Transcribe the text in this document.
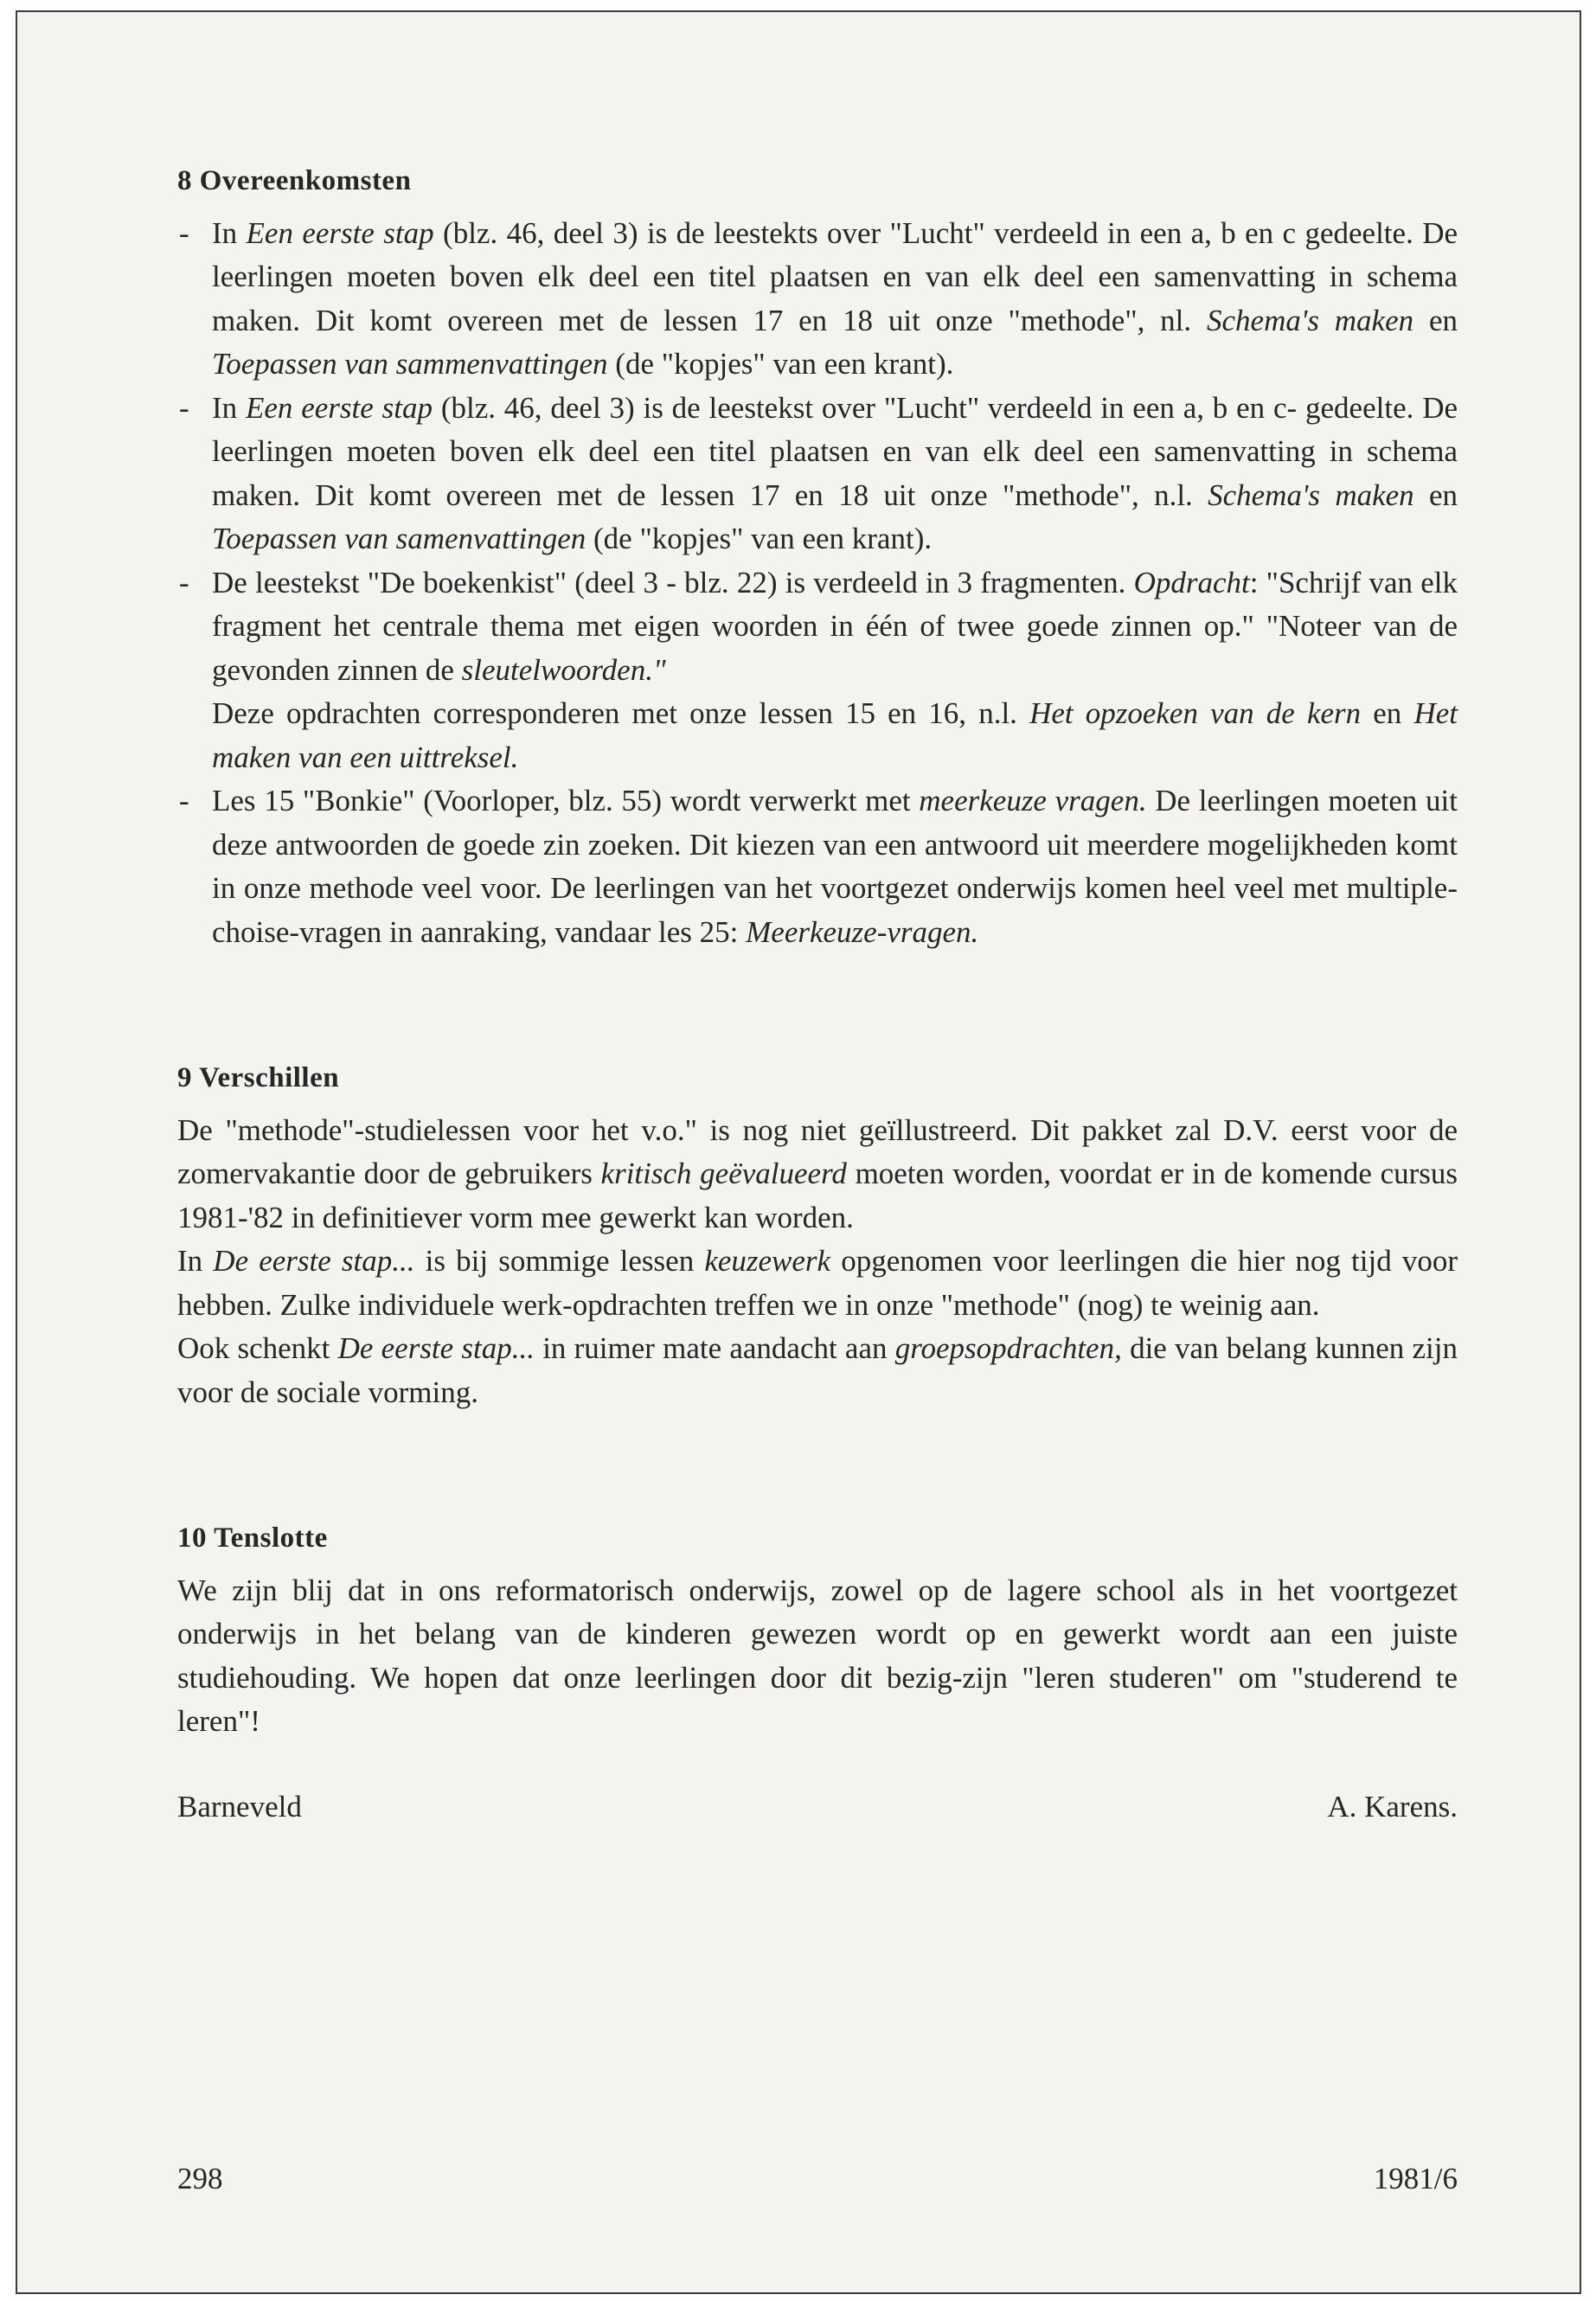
8 Overeenkomsten
- In Een eerste stap (blz. 46, deel 3) is de leestekts over "Lucht" verdeeld in een a, b en c gedeelte. De leerlingen moeten boven elk deel een titel plaatsen en van elk deel een samenvatting in schema maken. Dit komt overeen met de lessen 17 en 18 uit onze "methode", nl. Schema's maken en Toepassen van sammenvattingen (de "kopjes" van een krant).
- In Een eerste stap (blz. 46, deel 3) is de leestekst over "Lucht" verdeeld in een a, b en c- gedeelte. De leerlingen moeten boven elk deel een titel plaatsen en van elk deel een samenvatting in schema maken. Dit komt overeen met de lessen 17 en 18 uit onze "methode", n.l. Schema's maken en Toepassen van samenvattingen (de "kopjes" van een krant).
- De leestekst "De boekenkist" (deel 3 - blz. 22) is verdeeld in 3 fragmenten. Opdracht: "Schrijf van elk fragment het centrale thema met eigen woorden in één of twee goede zinnen op." "Noteer van de gevonden zinnen de sleutelwoorden."

Deze opdrachten corresponderen met onze lessen 15 en 16, n.l. Het opzoeken van de kern en Het maken van een uittreksel.

- Les 15 "Bonkie" (Voorloper, blz. 55) wordt verwerkt met meerkeuze vragen. De leerlingen moeten uit deze antwoorden de goede zin zoeken. Dit kiezen van een antwoord uit meerdere mogelijkheden komt in onze methode veel voor. De leerlingen van het voortgezet onderwijs komen heel veel met multiple-choise-vragen in aanraking, vandaar les 25: Meerkeuze-vragen.
9 Verschillen

De "methode"-studielessen voor het v.o." is nog niet geïllustreerd. Dit pakket zal D.V. eerst voor de zomervakantie door de gebruikers kritisch geëvalueerd moeten worden, voordat er in de komende cursus 1981-'82 in definitiever vorm mee gewerkt kan worden.

In De eerste stap... is bij sommige lessen keuzewerk opgenomen voor leerlingen die hier nog tijd voor hebben. Zulke individuele werk-opdrachten treffen we in onze "methode" (nog) te weinig aan.

Ook schenkt De eerste stap... in ruimer mate aandacht aan groepsopdrachten, die van belang kunnen zijn voor de sociale vorming.

10 Tenslotte

We zijn blij dat in ons reformatorisch onderwijs, zowel op de lagere school als in het voortgezet onderwijs in het belang van de kinderen gewezen wordt op en gewerkt wordt aan een juiste studiehouding. We hopen dat onze leerlingen door dit bezig-zijn "leren studeren" om "studerend te leren"!

Barneveld	A. Karens.
298	1981/6
